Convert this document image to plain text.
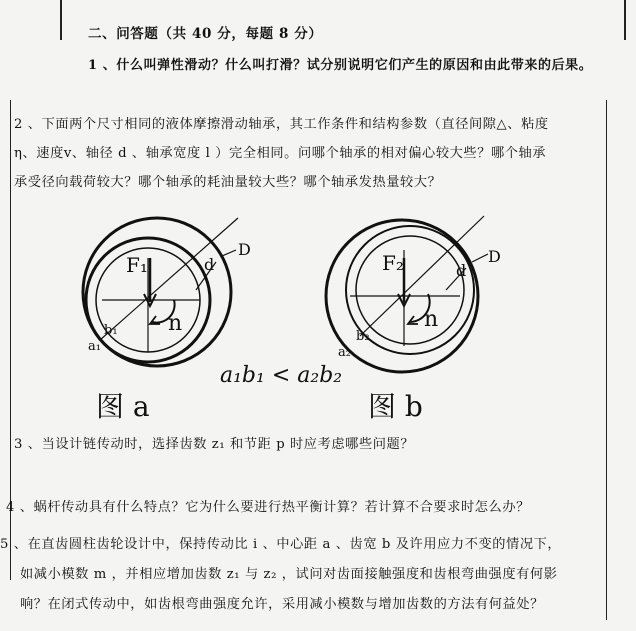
二、问答题（共 40 分，每题 8 分）
1 、什么叫弹性滑动？什么叫打滑？试分别说明它们产生的原因和由此带来的后果。
2 、下面两个尺寸相同的液体摩擦滑动轴承，其工作条件和结构参数（直径间隙△、粘度
η、速度v、轴径 d 、轴承宽度 l ）完全相同。问哪个轴承的相对偏心较大些？哪个轴承
承受径向载荷较大？哪个轴承的耗油量较大些？哪个轴承发热量较大？
F₁
D
d
n
a₁
b₁
F₂	D
d
n
a₂
b₂
a₁b₁ < a₂b₂
图 a	图 b
3 、当设计链传动时，选择齿数 z₁ 和节距 p 时应考虑哪些问题？
4 、蜗杆传动具有什么特点？它为什么要进行热平衡计算？若计算不合要求时怎么办？
5 、在直齿圆柱齿轮设计中，保持传动比 i 、中心距 a 、齿宽 b 及许用应力不变的情况下，
如减小模数 m ，并相应增加齿数 z₁ 与 z₂ ，试问对齿面接触强度和齿根弯曲强度有何影
响？在闭式传动中，如齿根弯曲强度允许，采用减小模数与增加齿数的方法有何益处？
